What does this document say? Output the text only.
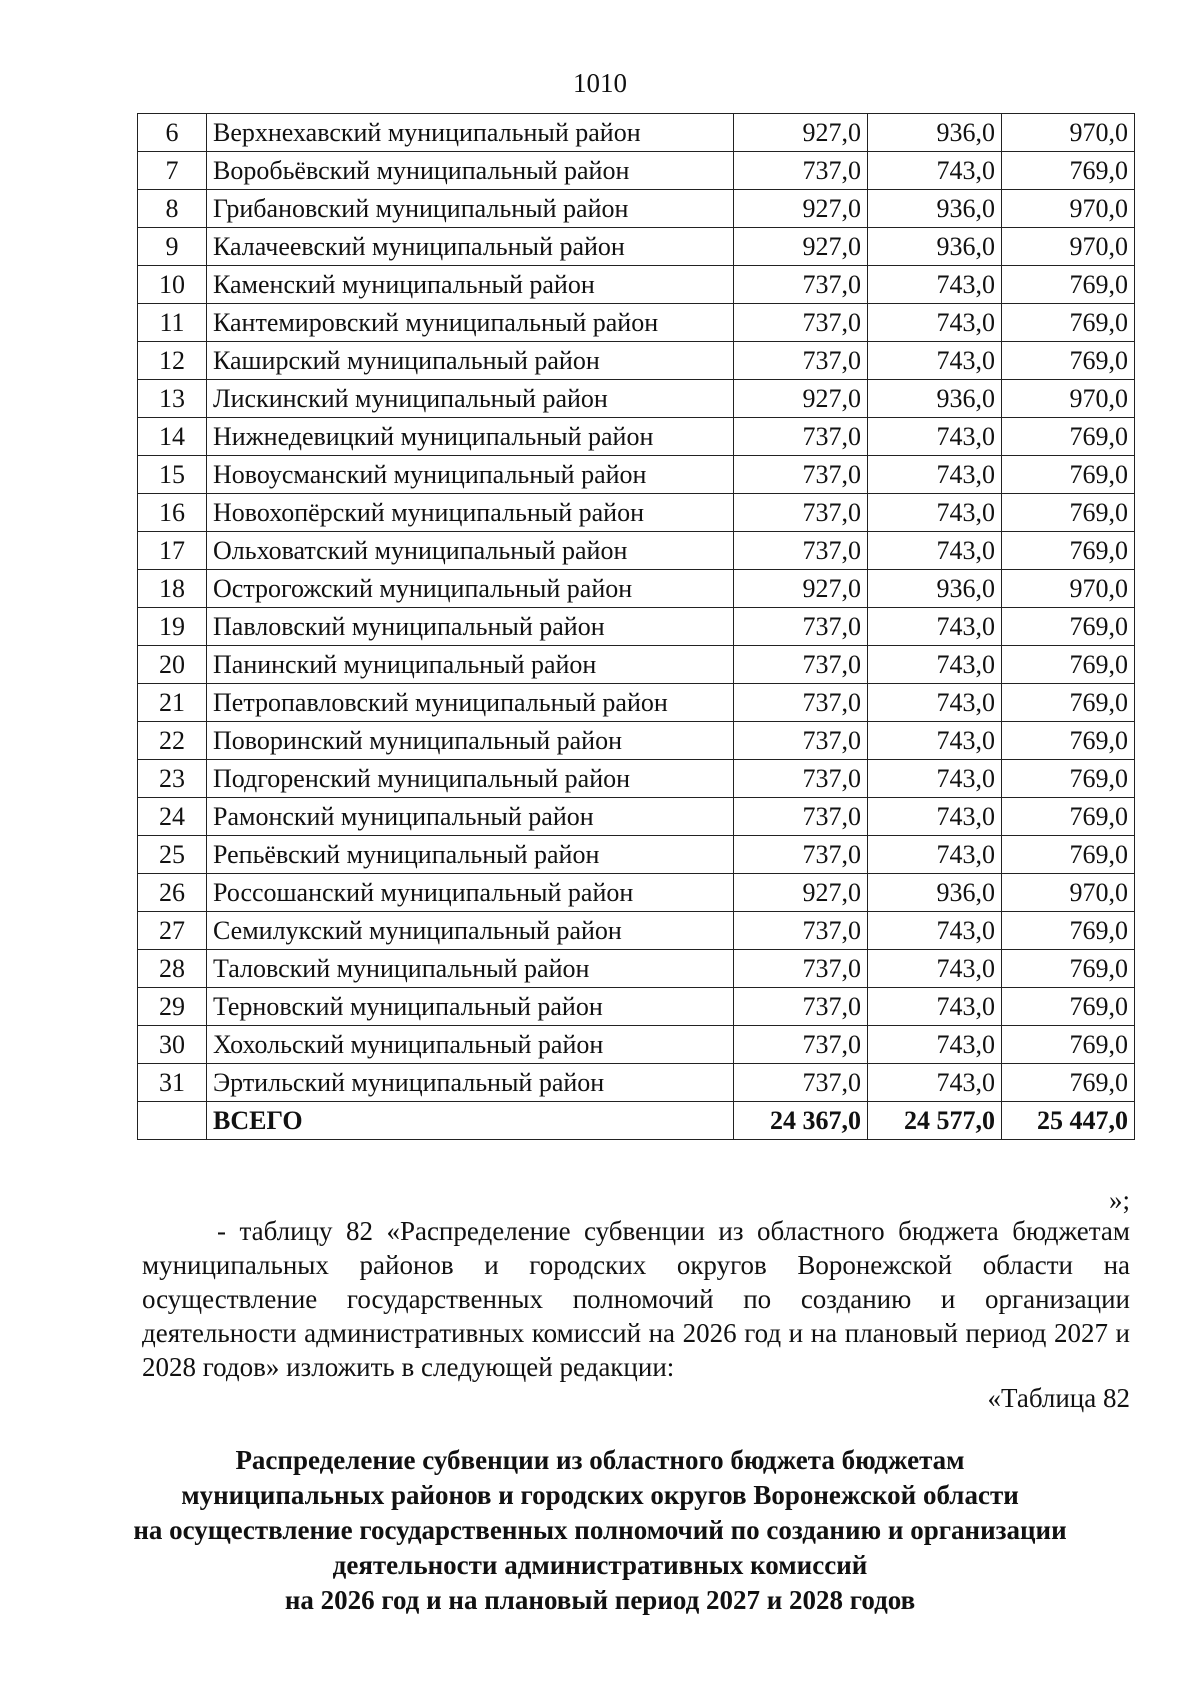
1010
6	Верхнехавский муниципальный район	927,0	936,0	970,0
7	Воробьёвский муниципальный район	737,0	743,0	769,0
8	Грибановский муниципальный район	927,0	936,0	970,0
9	Калачеевский муниципальный район	927,0	936,0	970,0
10	Каменский муниципальный район	737,0	743,0	769,0
11	Кантемировский муниципальный район	737,0	743,0	769,0
12	Каширский муниципальный район	737,0	743,0	769,0
13	Лискинский муниципальный район	927,0	936,0	970,0
14	Нижнедевицкий муниципальный район	737,0	743,0	769,0
15	Новоусманский муниципальный район	737,0	743,0	769,0
16	Новохопёрский муниципальный район	737,0	743,0	769,0
17	Ольховатский муниципальный район	737,0	743,0	769,0
18	Острогожский муниципальный район	927,0	936,0	970,0
19	Павловский муниципальный район	737,0	743,0	769,0
20	Панинский муниципальный район	737,0	743,0	769,0
21	Петропавловский муниципальный район	737,0	743,0	769,0
22	Поворинский муниципальный район	737,0	743,0	769,0
23	Подгоренский муниципальный район	737,0	743,0	769,0
24	Рамонский муниципальный район	737,0	743,0	769,0
25	Репьёвский муниципальный район	737,0	743,0	769,0
26	Россошанский муниципальный район	927,0	936,0	970,0
27	Семилукский муниципальный район	737,0	743,0	769,0
28	Таловский муниципальный район	737,0	743,0	769,0
29	Терновский муниципальный район	737,0	743,0	769,0
30	Хохольский муниципальный район	737,0	743,0	769,0
31	Эртильский муниципальный район	737,0	743,0	769,0
	ВСЕГО	24 367,0	24 577,0	25 447,0
»;

- таблицу 82 «Распределение субвенции из областного бюджета бюджетам муниципальных районов и городских округов Воронежской области на осуществление государственных полномочий по созданию и организации деятельности административных комиссий на 2026 год и на плановый период 2027 и 2028 годов» изложить в следующей редакции:

«Таблица 82
Распределение субвенции из областного бюджета бюджетам
муниципальных районов и городских округов Воронежской области
на осуществление государственных полномочий по созданию и организации
деятельности административных комиссий
на 2026 год и на плановый период 2027 и 2028 годов
